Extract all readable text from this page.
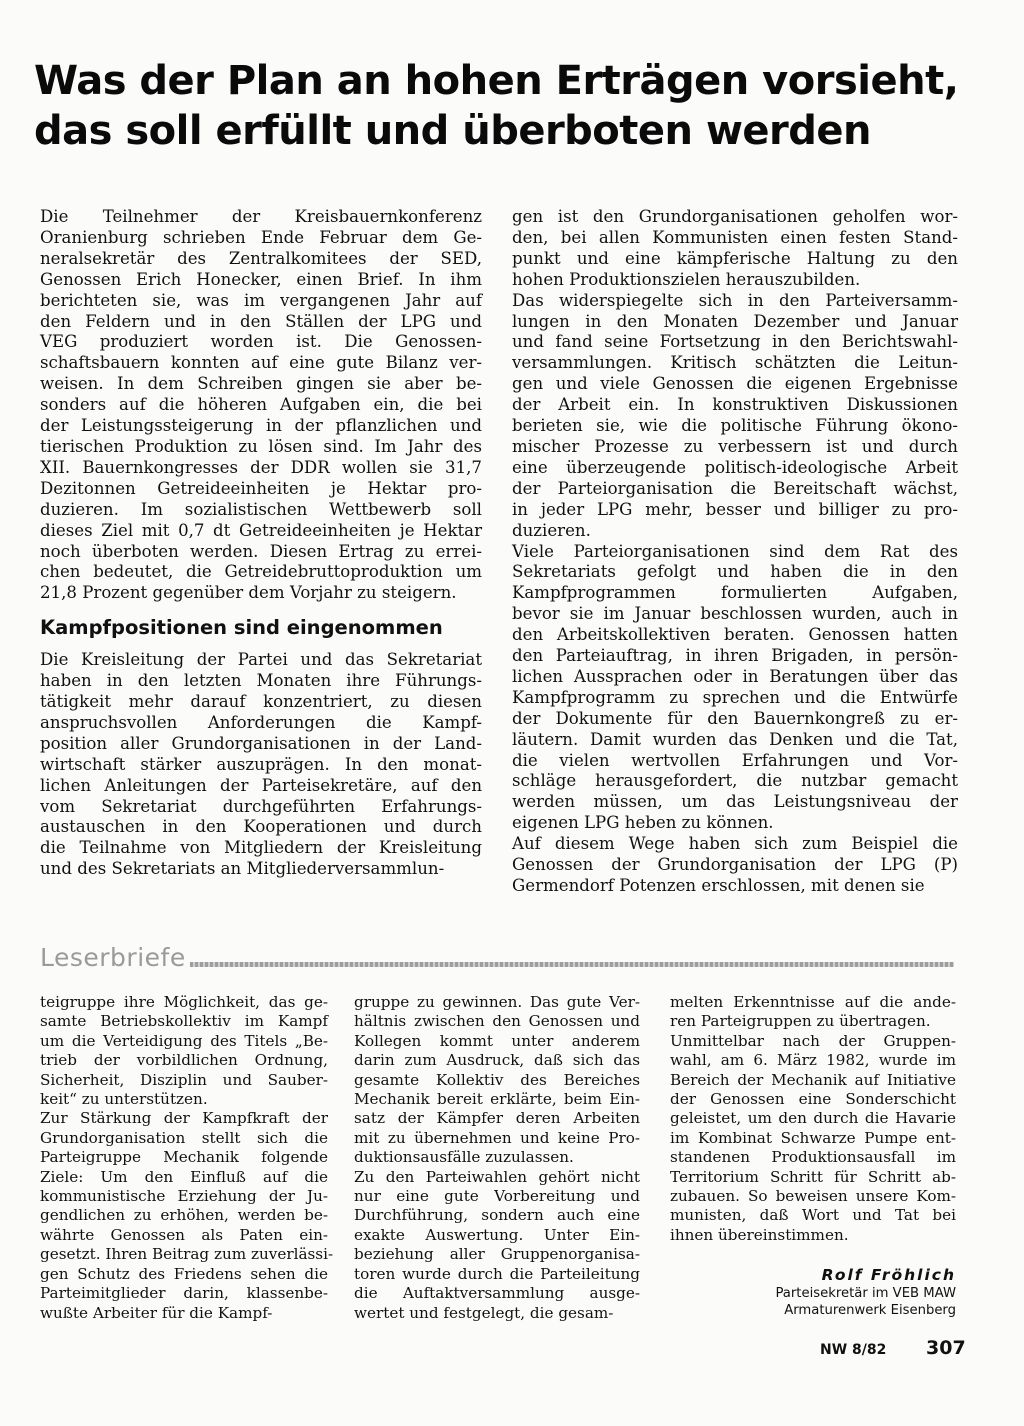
Was der Plan an hohen Erträgen vorsieht,
das soll erfüllt und überboten werden

Die Teilnehmer der Kreisbauernkonferenz
Oranienburg schrieben Ende Februar dem Ge-
neralsekretär des Zentralkomitees der SED,
Genossen Erich Honecker, einen Brief. In ihm
berichteten sie, was im vergangenen Jahr auf
den Feldern und in den Ställen der LPG und
VEG produziert worden ist. Die Genossen-
schaftsbauern konnten auf eine gute Bilanz ver-
weisen. In dem Schreiben gingen sie aber be-
sonders auf die höheren Aufgaben ein, die bei
der Leistungssteigerung in der pflanzlichen und
tierischen Produktion zu lösen sind. Im Jahr des
XII. Bauernkongresses der DDR wollen sie 31,7
Dezitonnen Getreideeinheiten je Hektar pro-
duzieren. Im sozialistischen Wettbewerb soll
dieses Ziel mit 0,7 dt Getreideeinheiten je Hektar
noch überboten werden. Diesen Ertrag zu errei-
chen bedeutet, die Getreidebruttoproduktion um
21,8 Prozent gegenüber dem Vorjahr zu steigern.

Kampfpositionen sind eingenommen

Die Kreisleitung der Partei und das Sekretariat
haben in den letzten Monaten ihre Führungs-
tätigkeit mehr darauf konzentriert, zu diesen
anspruchsvollen Anforderungen die Kampf-
position aller Grundorganisationen in der Land-
wirtschaft stärker auszuprägen. In den monat-
lichen Anleitungen der Parteisekretäre, auf den
vom Sekretariat durchgeführten Erfahrungs-
austauschen in den Kooperationen und durch
die Teilnahme von Mitgliedern der Kreisleitung
und des Sekretariats an Mitgliederversammlun-

gen ist den Grundorganisationen geholfen wor-
den, bei allen Kommunisten einen festen Stand-
punkt und eine kämpferische Haltung zu den
hohen Produktionszielen herauszubilden.

Das widerspiegelte sich in den Parteiversamm-
lungen in den Monaten Dezember und Januar
und fand seine Fortsetzung in den Berichtswahl-
versammlungen. Kritisch schätzten die Leitun-
gen und viele Genossen die eigenen Ergebnisse
der Arbeit ein. In konstruktiven Diskussionen
berieten sie, wie die politische Führung ökono-
mischer Prozesse zu verbessern ist und durch
eine überzeugende politisch-ideologische Arbeit
der Parteiorganisation die Bereitschaft wächst,
in jeder LPG mehr, besser und billiger zu pro-
duzieren.

Viele Parteiorganisationen sind dem Rat des
Sekretariats gefolgt und haben die in den
Kampfprogrammen formulierten Aufgaben,
bevor sie im Januar beschlossen wurden, auch in
den Arbeitskollektiven beraten. Genossen hatten
den Parteiauftrag, in ihren Brigaden, in persön-
lichen Aussprachen oder in Beratungen über das
Kampfprogramm zu sprechen und die Entwürfe
der Dokumente für den Bauernkongreß zu er-
läutern. Damit wurden das Denken und die Tat,
die vielen wertvollen Erfahrungen und Vor-
schläge herausgefordert, die nutzbar gemacht
werden müssen, um das Leistungsniveau der
eigenen LPG heben zu können.

Auf diesem Wege haben sich zum Beispiel die
Genossen der Grundorganisation der LPG (P)
Germendorf Potenzen erschlossen, mit denen sie

Leserbriefe

teigruppe ihre Möglichkeit, das ge-
samte Betriebskollektiv im Kampf
um die Verteidigung des Titels „Be-
trieb der vorbildlichen Ordnung,
Sicherheit, Disziplin und Sauber-
keit“ zu unterstützen.

Zur Stärkung der Kampfkraft der
Grundorganisation stellt sich die
Parteigruppe Mechanik folgende
Ziele: Um den Einfluß auf die
kommunistische Erziehung der Ju-
gendlichen zu erhöhen, werden be-
währte Genossen als Paten ein-
gesetzt. Ihren Beitrag zum zuverlässi-
gen Schutz des Friedens sehen die
Parteimitglieder darin, klassenbe-
wußte Arbeiter für die Kampf-

gruppe zu gewinnen. Das gute Ver-
hältnis zwischen den Genossen und
Kollegen kommt unter anderem
darin zum Ausdruck, daß sich das
gesamte Kollektiv des Bereiches
Mechanik bereit erklärte, beim Ein-
satz der Kämpfer deren Arbeiten
mit zu übernehmen und keine Pro-
duktionsausfälle zuzulassen.

Zu den Parteiwahlen gehört nicht
nur eine gute Vorbereitung und
Durchführung, sondern auch eine
exakte Auswertung. Unter Ein-
beziehung aller Gruppenorganisa-
toren wurde durch die Parteileitung
die Auftaktversammlung ausge-
wertet und festgelegt, die gesam-

melten Erkenntnisse auf die ande-
ren Parteigruppen zu übertragen.

Unmittelbar nach der Gruppen-
wahl, am 6. März 1982, wurde im
Bereich der Mechanik auf Initiative
der Genossen eine Sonderschicht
geleistet, um den durch die Havarie
im Kombinat Schwarze Pumpe ent-
standenen Produktionsausfall im
Territorium Schritt für Schritt ab-
zubauen. So beweisen unsere Kom-
munisten, daß Wort und Tat bei
ihnen übereinstimmen.

Rolf Fröhlich
Parteisekretär im VEB MAW
Armaturenwerk Eisenberg
NW 8/82 307
